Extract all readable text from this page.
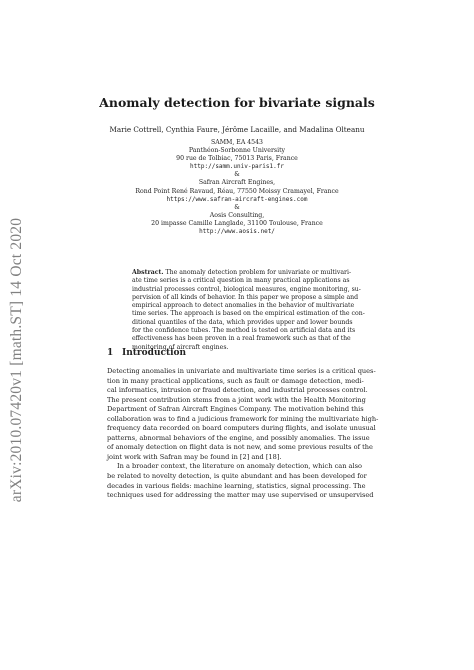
arXiv:2010.07420v1 [math.ST] 14 Oct 2020
Anomaly detection for bivariate signals
Marie Cottrell, Cynthia Faure, Jérôme Lacaille, and Madalina Olteanu
SAMM, EA 4543
Panthéon-Sorbonne University
90 rue de Tolbiac, 75013 Paris, France
http://samm.univ-paris1.fr
&
Safran Aircraft Engines,
Rond Point René Ravaud, Réau, 77550 Moissy Cramayel, France
https://www.safran-aircraft-engines.com
&
Aosis Consulting,
20 impasse Camille Langlade, 31100 Toulouse, France
http://www.aosis.net/
Abstract. The anomaly detection problem for univariate or multivari-
ate time series is a critical question in many practical applications as
industrial processes control, biological measures, engine monitoring, su-
pervision of all kinds of behavior. In this paper we propose a simple and
empirical approach to detect anomalies in the behavior of multivariate
time series. The approach is based on the empirical estimation of the con-
ditional quantiles of the data, which provides upper and lower bounds
for the confidence tubes. The method is tested on artificial data and its
effectiveness has been proven in a real framework such as that of the
monitoring of aircraft engines.
1 Introduction
Detecting anomalies in univariate and multivariate time series is a critical ques-
tion in many practical applications, such as fault or damage detection, medi-
cal informatics, intrusion or fraud detection, and industrial processes control.
The present contribution stems from a joint work with the Health Monitoring
Department of Safran Aircraft Engines Company. The motivation behind this
collaboration was to find a judicious framework for mining the multivariate high-
frequency data recorded on board computers during flights, and isolate unusual
patterns, abnormal behaviors of the engine, and possibly anomalies. The issue
of anomaly detection on flight data is not new, and some previous results of the
joint work with Safran may be found in [2] and [18].
In a broader context, the literature on anomaly detection, which can also
be related to novelty detection, is quite abundant and has been developed for
decades in various fields: machine learning, statistics, signal processing. The
techniques used for addressing the matter may use supervised or unsupervised
